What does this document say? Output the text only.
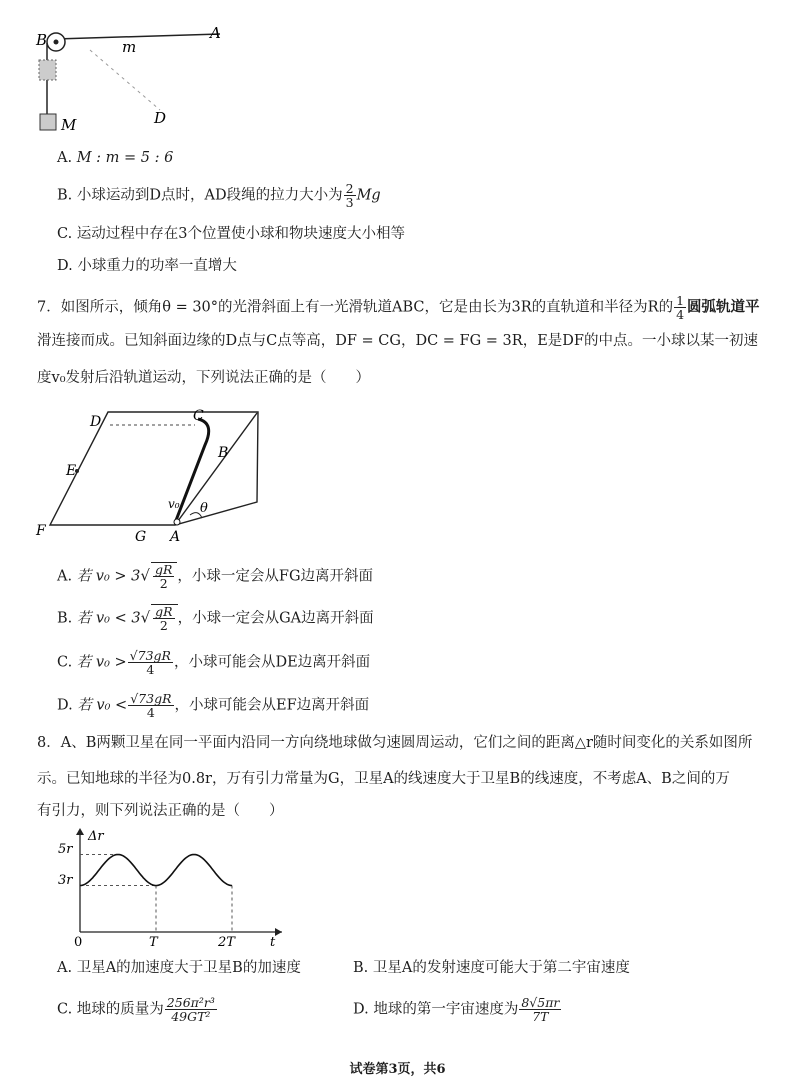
B	m
A
D
M
A. M : m = 5 : 6
B. 小球运动到D点时，AD段绳的拉力大小为 $\frac{2}{3}$ Mg
C. 运动过程中存在3个位置使小球和物块速度大小相等
D. 小球重力的功率一直增大
7．如图所示，倾角θ = 30°的光滑斜面上有一光滑轨道ABC，它是由长为3R的直轨道和半径为R的 $\frac{1}{4}$ 圆弧轨道平
滑连接而成。已知斜面边缘的D点与C点等高，DF = CG，DC = FG = 3R，E是DF的中点。一小球以某一初速
度v₀发射后沿轨道运动，下列说法正确的是（　　）
D	C
B
E
F	G A
v₀ θ
A. 若 $v_0 > 3√ \frac{gR}{2}$ ，小球一定会从FG边离开斜面
B. 若 $v_0 < 3√ \frac{gR}{2}$ ，小球一定会从GA边离开斜面
C. 若 $v_0 > \frac{√73gR}{4}$ ，小球可能会从DE边离开斜面
D. 若 $v_0 < \frac{√73gR}{4}$ ，小球可能会从EF边离开斜面
8．A、B两颗卫星在同一平面内沿同一方向绕地球做匀速圆周运动，它们之间的距离△r随时间变化的关系如图所
示。已知地球的半径为0.8r，万有引力常量为G，卫星A的线速度大于卫星B的线速度，不考虑A、B之间的万
有引力，则下列说法正确的是（　　）
Δr
t
0	T	2T
3r
5r
A. 卫星A的加速度大于卫星B的加速度	B. 卫星A的发射速度可能大于第二宇宙速度
C. 地球的质量为 $\frac{\text{256π²r³}}{\text{49GT²}}$	D. 地球的第一宇宙速度为 $\frac{8√5\pi r}{7T}$
试卷第3页，共6
